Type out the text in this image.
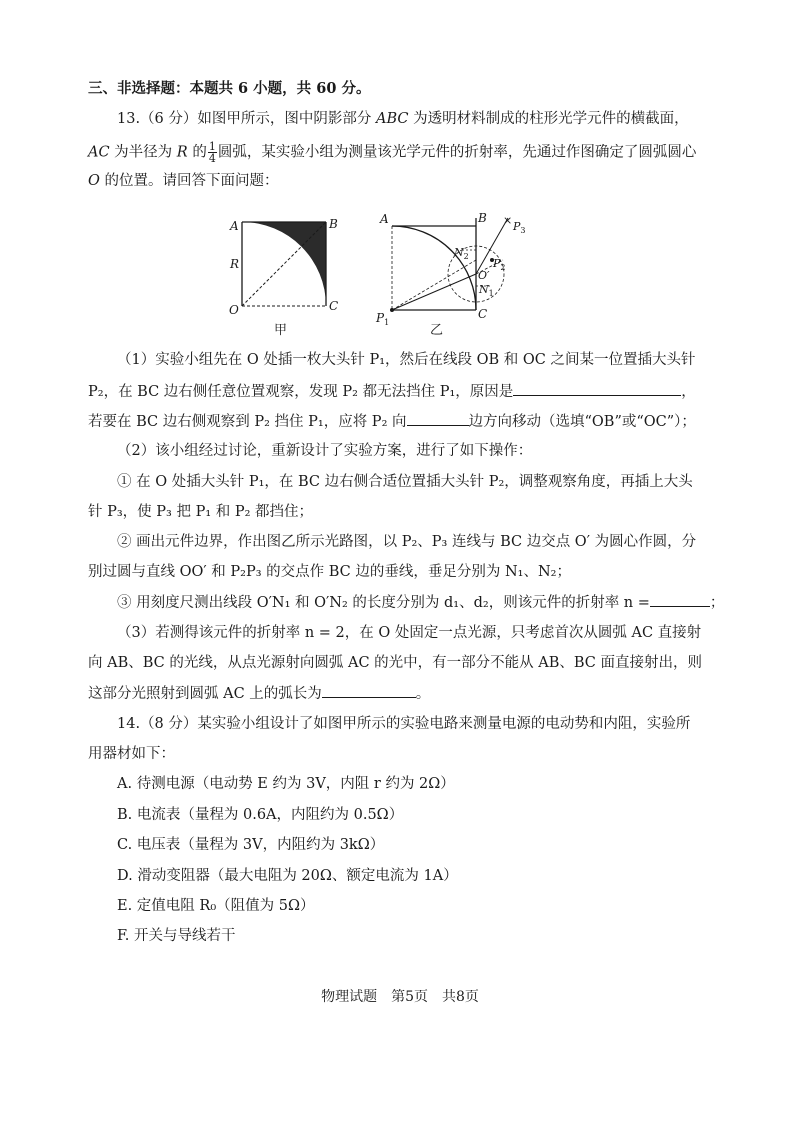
三、非选择题：本题共 6 小题，共 60 分。
13.（6 分）如图甲所示，图中阴影部分 ABC 为透明材料制成的柱形光学元件的横截面，
AC 为半径为 R 的 $\frac{1}{4}$ 圆弧，某实验小组为测量该光学元件的折射率，先通过作图确定了圆弧圆心
O 的位置。请回答下面问题：
A	B
R
O	C
甲
×
A	B
C
$P_1$
$P_2$
$P_3$
$N_2$
$N_1$
O′
乙
（1）实验小组先在 O 处插一枚大头针 P₁，然后在线段 OB 和 OC 之间某一位置插大头针
P₂，在 BC 边右侧任意位置观察，发现 P₂ 都无法挡住 P₁，原因是	，
若要在 BC 边右侧观察到 P₂ 挡住 P₁，应将 P₂ 向	边方向移动（选填“OB”或“OC”）；
（2）该小组经过讨论，重新设计了实验方案，进行了如下操作：
① 在 O 处插大头针 P₁，在 BC 边右侧合适位置插大头针 P₂，调整观察角度，再插上大头
针 P₃，使 P₃ 把 P₁ 和 P₂ 都挡住；
② 画出元件边界，作出图乙所示光路图，以 P₂、P₃ 连线与 BC 边交点 O′ 为圆心作圆，分
别过圆与直线 OO′ 和 P₂P₃ 的交点作 BC 边的垂线，垂足分别为 N₁、N₂；
③ 用刻度尺测出线段 O′N₁ 和 O′N₂ 的长度分别为 d₁、d₂，则该元件的折射率 n =	；
（3）若测得该元件的折射率 n = 2，在 O 处固定一点光源，只考虑首次从圆弧 AC 直接射
向 AB、BC 的光线，从点光源射向圆弧 AC 的光中，有一部分不能从 AB、BC 面直接射出，则
这部分光照射到圆弧 AC 上的弧长为	。
14.（8 分）某实验小组设计了如图甲所示的实验电路来测量电源的电动势和内阻，实验所
用器材如下：
A. 待测电源（电动势 E 约为 3V，内阻 r 约为 2Ω）
B. 电流表（量程为 0.6A，内阻约为 0.5Ω）
C. 电压表（量程为 3V，内阻约为 3kΩ）
D. 滑动变阻器（最大电阻为 20Ω、额定电流为 1A）
E. 定值电阻 R₀（阻值为 5Ω）
F. 开关与导线若干
物理试题　第5页　共8页
